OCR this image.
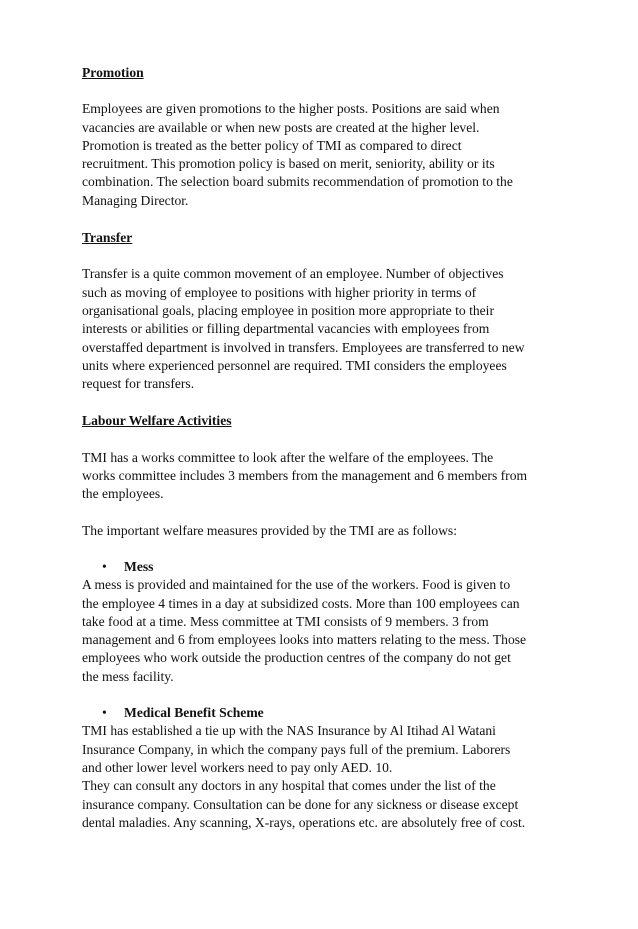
Promotion

Employees are given promotions to the higher posts. Positions are said when
vacancies are available or when new posts are created at the higher level.
Promotion is treated as the better policy of TMI as compared to direct
recruitment. This promotion policy is based on merit, seniority, ability or its
combination. The selection board submits recommendation of promotion to the
Managing Director.

Transfer

Transfer is a quite common movement of an employee. Number of objectives
such as moving of employee to positions with higher priority in terms of
organisational goals, placing employee in position more appropriate to their
interests or abilities or filling departmental vacancies with employees from
overstaffed department is involved in transfers. Employees are transferred to new
units where experienced personnel are required. TMI considers the employees
request for transfers.

Labour Welfare Activities

TMI has a works committee to look after the welfare of the employees. The
works committee includes 3 members from the management and 6 members from
the employees.

The important welfare measures provided by the TMI are as follows:

•	Mess

A mess is provided and maintained for the use of the workers. Food is given to
the employee 4 times in a day at subsidized costs. More than 100 employees can
take food at a time. Mess committee at TMI consists of 9 members. 3 from
management and 6 from employees looks into matters relating to the mess. Those
employees who work outside the production centres of the company do not get
the mess facility.

•	Medical Benefit Scheme

TMI has established a tie up with the NAS Insurance by Al Itihad Al Watani
Insurance Company, in which the company pays full of the premium. Laborers
and other lower level workers need to pay only AED. 10.
They can consult any doctors in any hospital that comes under the list of the
insurance company. Consultation can be done for any sickness or disease except
dental maladies. Any scanning, X-rays, operations etc. are absolutely free of cost.
